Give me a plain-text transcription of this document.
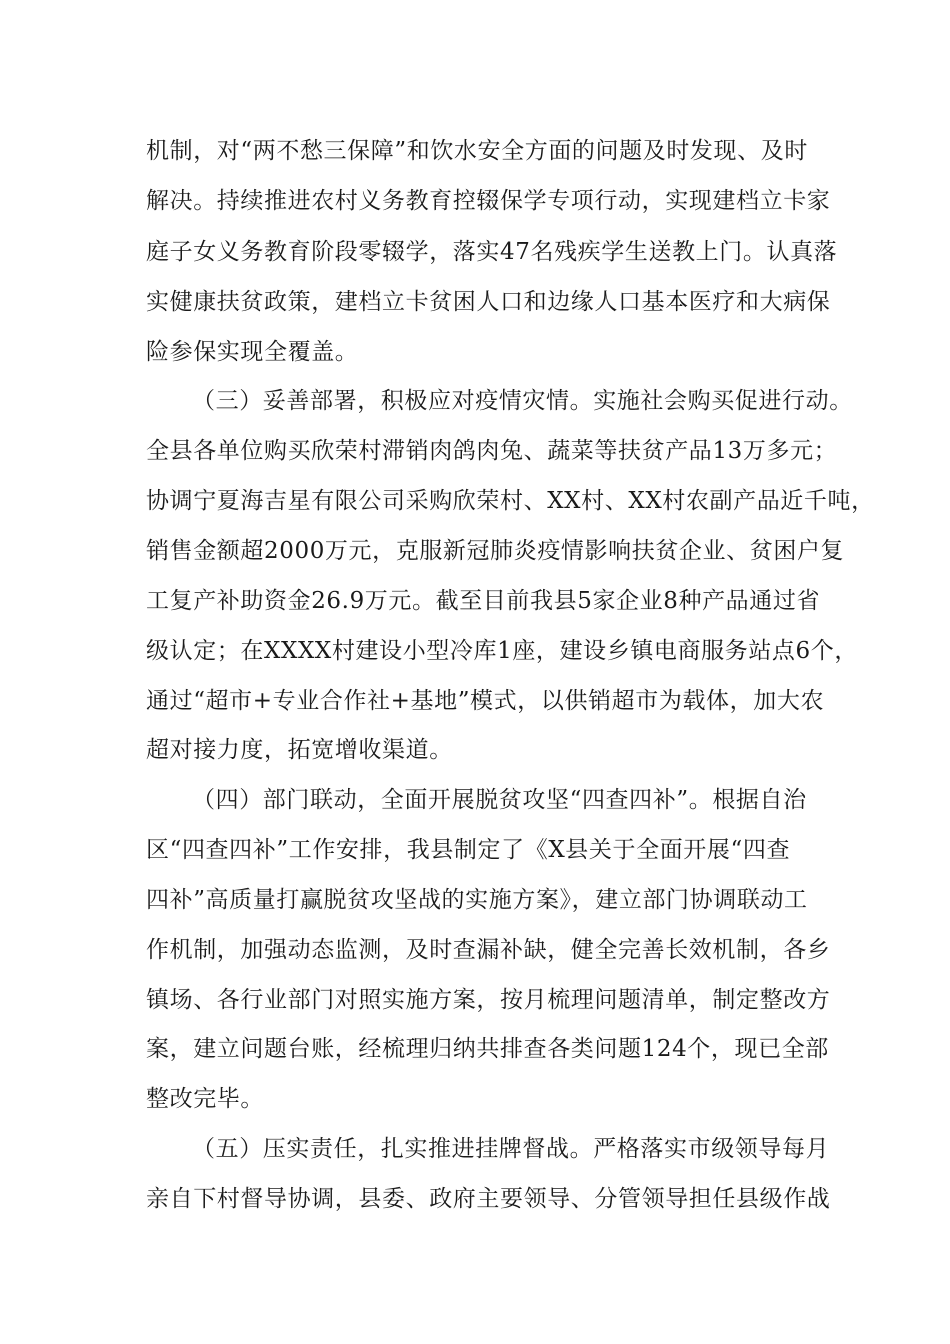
机制，对“两不愁三保障”和饮水安全方面的问题及时发现、及时
解决。持续推进农村义务教育控辍保学专项行动，实现建档立卡家
庭子女义务教育阶段零辍学，落实47名残疾学生送教上门。认真落
实健康扶贫政策，建档立卡贫困人口和边缘人口基本医疗和大病保
险参保实现全覆盖。
（三）妥善部署，积极应对疫情灾情。实施社会购买促进行动。
全县各单位购买欣荣村滞销肉鸽肉兔、蔬菜等扶贫产品13万多元；
协调宁夏海吉星有限公司采购欣荣村、XX村、XX村农副产品近千吨，
销售金额超2000万元，克服新冠肺炎疫情影响扶贫企业、贫困户复
工复产补助资金26.9万元。截至目前我县5家企业8种产品通过省
级认定；在XXXX村建设小型冷库1座，建设乡镇电商服务站点6个，
通过“超市+专业合作社+基地”模式，以供销超市为载体，加大农
超对接力度，拓宽增收渠道。
（四）部门联动，全面开展脱贫攻坚“四查四补”。根据自治
区“四查四补”工作安排，我县制定了《X县关于全面开展“四查
四补”高质量打赢脱贫攻坚战的实施方案》，建立部门协调联动工
作机制，加强动态监测，及时查漏补缺，健全完善长效机制，各乡
镇场、各行业部门对照实施方案，按月梳理问题清单，制定整改方
案，建立问题台账，经梳理归纳共排查各类问题124个，现已全部
整改完毕。
（五）压实责任，扎实推进挂牌督战。严格落实市级领导每月
亲自下村督导协调，县委、政府主要领导、分管领导担任县级作战
